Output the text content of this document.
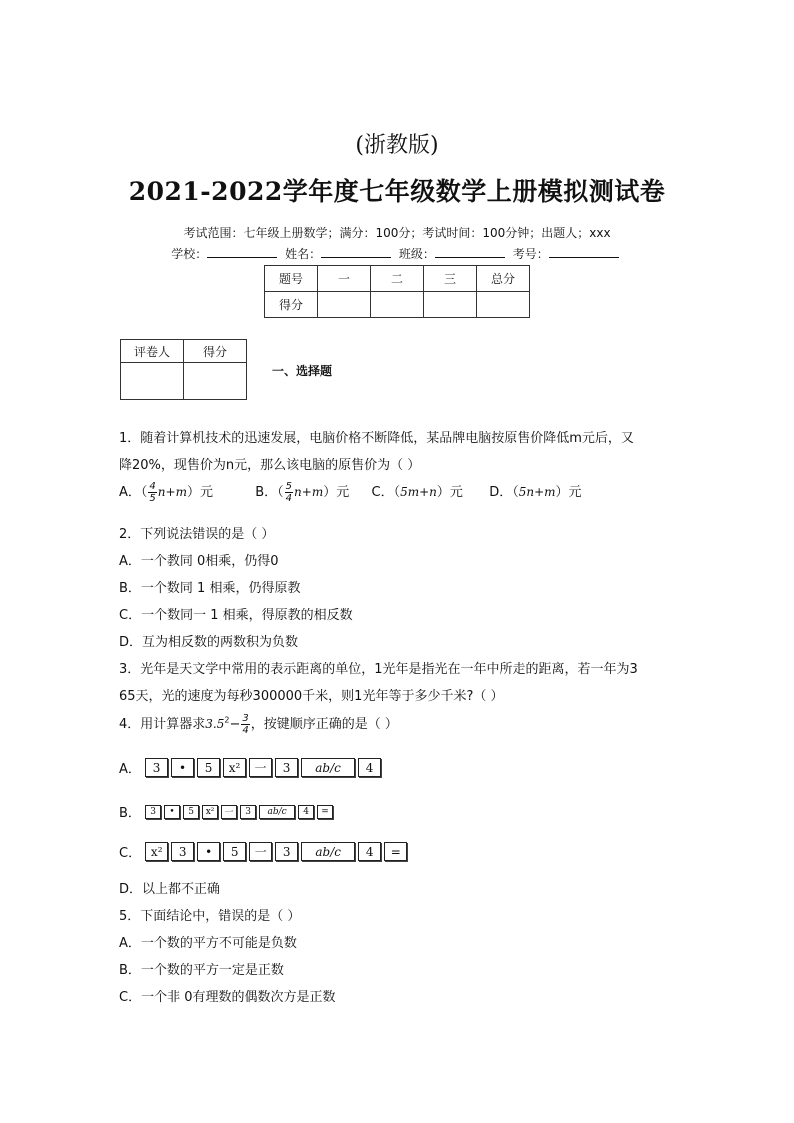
(浙教版)
2021-2022学年度七年级数学上册模拟测试卷
考试范围：七年级上册数学；满分：100分；考试时间：100分钟；出题人；xxx
学校：	姓名：	班级：	考号：
题号	一	二	三	总分
得分				
评卷人	得分

一、选择题
1．随着计算机技术的迅速发展，电脑价格不断降低，某品牌电脑按原售价降低m元后，又
降20%，现售价为n元，那么该电脑的原售价为（ ）
A．（ $\frac{4}{5} n+m$）元	B．（ $\frac{5}{4} n+m$）元 C．（5m+n）元 D．（5n+m）元
2．下列说法错误的是（ ）
A．一个教同 0相乘，仍得0
B．一个数同 1 相乘，仍得原教
C．一个数同一 1 相乘，得原教的相反数
D．互为相反数的两数积为负数
3．光年是天文学中常用的表示距离的单位，1光年是指光在一年中所走的距离，若一年为3
65天，光的速度为每秒300000千米，则1光年等于多少千米?（ ）
4．用计算器求$3.5^2- \frac{3}{4}$ ，按键顺序正确的是（ ）
A． 3	•	5	x²	一	3	ab/c	4
B．	3	•	5	x²	一	3	ab/c	4	=
C． x²	3	•	5	一	3	ab/c	4	=
D．以上都不正确
5．下面结论中，错误的是（ ）
A．一个数的平方不可能是负数
B．一个数的平方一定是正数
C．一个非 0有理数的偶数次方是正数
